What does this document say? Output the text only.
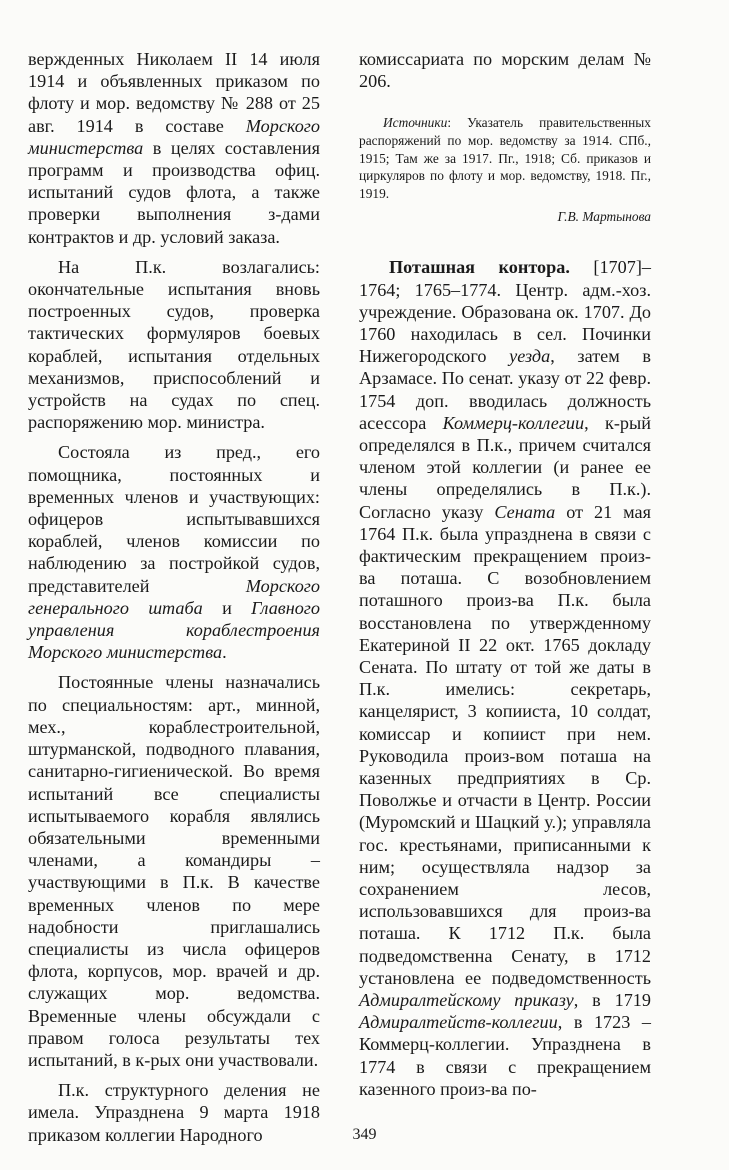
вержденных Николаем II 14 июля 1914 и объявленных приказом по флоту и мор. ведомству № 288 от 25 авг. 1914 в составе Морского министерства в целях составления программ и производства офиц. испытаний судов флота, а также проверки выполнения з-дами контрактов и др. условий заказа.

На П.к. возлагались: окончательные испытания вновь построенных судов, проверка тактических формуляров боевых кораблей, испытания отдельных механизмов, приспособлений и устройств на судах по спец. распоряжению мор. министра.

Состояла из пред., его помощника, постоянных и временных членов и участвующих: офицеров испытывавшихся кораблей, членов комиссии по наблюдению за постройкой судов, представителей Морского генерального штаба и Главного управления кораблестроения Морского министерства.

Постоянные члены назначались по специальностям: арт., минной, мех., кораблестроительной, штурманской, подводного плавания, санитарно-гигиенической. Во время испытаний все специалисты испытываемого корабля являлись обязательными временными членами, а командиры – участвующими в П.к. В качестве временных членов по мере надобности приглашались специалисты из числа офицеров флота, корпусов, мор. врачей и др. служащих мор. ведомства. Временные члены обсуждали с правом голоса результаты тех испытаний, в к-рых они участвовали.

П.к. структурного деления не имела. Упразднена 9 марта 1918 приказом коллегии Народного

комиссариата по морским делам № 206.

Источники: Указатель правительственных распоряжений по мор. ведомству за 1914. СПб., 1915; Там же за 1917. Пг., 1918; Сб. приказов и циркуляров по флоту и мор. ведомству, 1918. Пг., 1919.

Г.В. Мартынова

Поташная контора. [1707]– 1764; 1765–1774. Центр. адм.-хоз. учреждение. Образована ок. 1707. До 1760 находилась в сел. Починки Нижегородского уезда, затем в Арзамасе. По сенат. указу от 22 февр. 1754 доп. вводилась должность асессора Коммерц-коллегии, к-рый определялся в П.к., причем считался членом этой коллегии (и ранее ее члены определялись в П.к.). Согласно указу Сената от 21 мая 1764 П.к. была упразднена в связи с фактическим прекращением произ-ва поташа. С возобновлением поташного произ-ва П.к. была восстановлена по утвержденному Екатериной II 22 окт. 1765 докладу Сената. По штату от той же даты в П.к. имелись: секретарь, канцелярист, 3 копииста, 10 солдат, комиссар и копиист при нем. Руководила произ-вом поташа на казенных предприятиях в Ср. Поволжье и отчасти в Центр. России (Муромский и Шацкий у.); управляла гос. крестьянами, приписанными к ним; осуществляла надзор за сохранением лесов, использовавшихся для произ-ва поташа. К 1712 П.к. была подведомственна Сенату, в 1712 установлена ее подведомственность Адмиралтейскому приказу, в 1719 Адмиралтейств-коллегии, в 1723 – Коммерц-коллегии. Упразднена в 1774 в связи с прекращением казенного произ-ва по-

349
